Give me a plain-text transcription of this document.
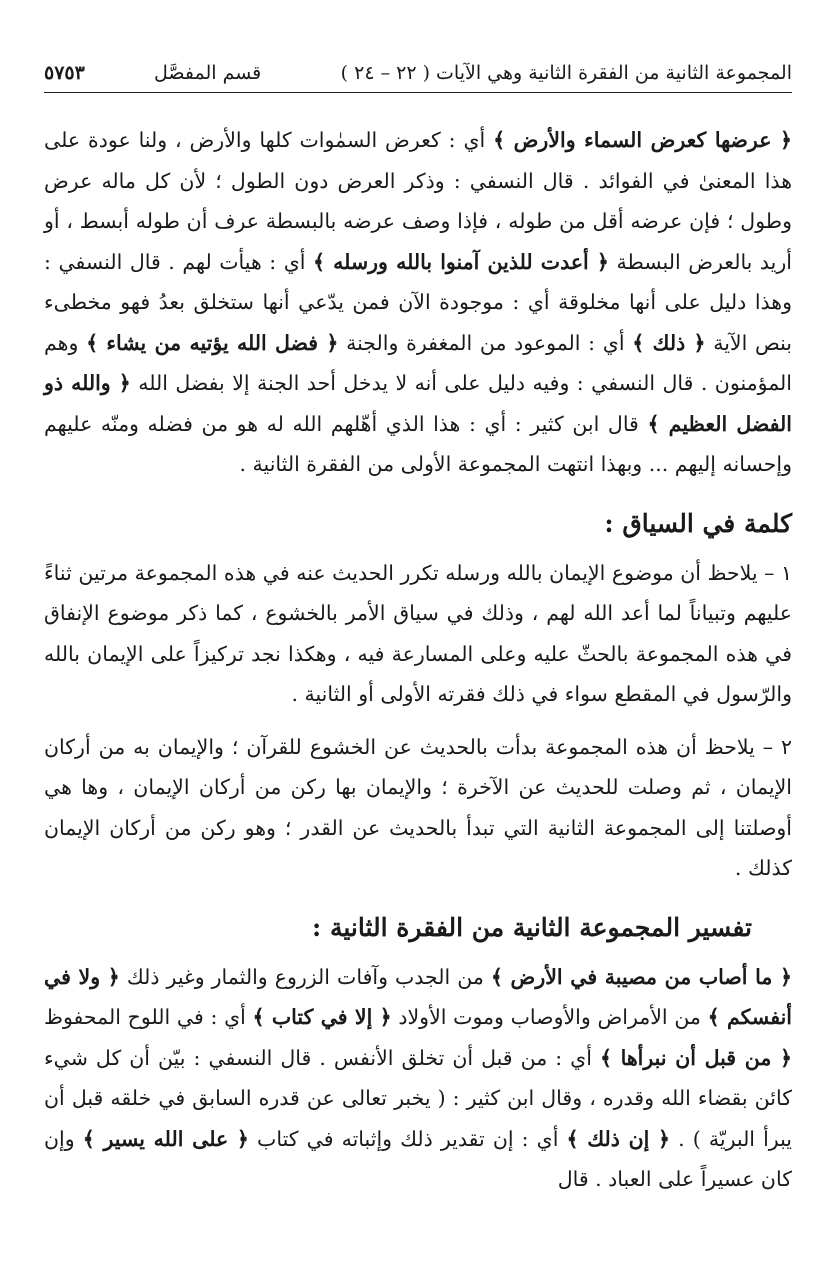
المجموعة الثانية من الفقرة الثانية وهي الآيات ( ٢٢ – ٢٤ )
قسم المفصَّل
٥٧٥٣

﴿ عرضها كعرض السماء والأرض ﴾ أي : كعرض السمٰوات كلها والأرض ، ولنا عودة على هذا المعنىٰ في الفوائد . قال النسفي : وذكر العرض دون الطول ؛ لأن كل ماله عرض وطول ؛ فإن عرضه أقل من طوله ، فإذا وصف عرضه بالبسطة عرف أن طوله أبسط ، أو أريد بالعرض البسطة ﴿ أعدت للذين آمنوا بالله ورسله ﴾ أي : هيأت لهم . قال النسفي : وهذا دليل على أنها مخلوقة أي : موجودة الآن فمن يدّعي أنها ستخلق بعدُ فهو مخطىء بنص الآية ﴿ ذلك ﴾ أي : الموعود من المغفرة والجنة ﴿ فضل الله يؤتيه من يشاء ﴾ وهم المؤمنون . قال النسفي : وفيه دليل على أنه لا يدخل أحد الجنة إلا بفضل الله ﴿ والله ذو الفضل العظيم ﴾ قال ابن كثير : أي : هذا الذي أهّلهم الله له هو من فضله ومنّه عليهم وإحسانه إليهم ... وبهذا انتهت المجموعة الأولى من الفقرة الثانية .

كلمة في السياق :

١ – يلاحظ أن موضوع الإيمان بالله ورسله تكرر الحديث عنه في هذه المجموعة مرتين ثناءً عليهم وتبياناً لما أعد الله لهم ، وذلك في سياق الأمر بالخشوع ، كما ذكر موضوع الإنفاق في هذه المجموعة بالحثّ عليه وعلى المسارعة فيه ، وهكذا نجد تركيزاً على الإيمان بالله والرّسول في المقطع سواء في ذلك فقرته الأولى أو الثانية .

٢ – يلاحظ أن هذه المجموعة بدأت بالحديث عن الخشوع للقرآن ؛ والإيمان به من أركان الإيمان ، ثم وصلت للحديث عن الآخرة ؛ والإيمان بها ركن من أركان الإيمان ، وها هي أوصلتنا إلى المجموعة الثانية التي تبدأ بالحديث عن القدر ؛ وهو ركن من أركان الإيمان كذلك .

تفسير المجموعة الثانية من الفقرة الثانية :

﴿ ما أصاب من مصيبة في الأرض ﴾ من الجدب وآفات الزروع والثمار وغير ذلك ﴿ ولا في أنفسكم ﴾ من الأمراض والأوصاب وموت الأولاد ﴿ إلا في كتاب ﴾ أي : في اللوح المحفوظ ﴿ من قبل أن نبرأها ﴾ أي : من قبل أن تخلق الأنفس . قال النسفي : بيّن أن كل شيء كائن بقضاء الله وقدره ، وقال ابن كثير : ( يخبر تعالى عن قدره السابق في خلقه قبل أن يبرأ البريّة ) . ﴿ إن ذلك ﴾ أي : إن تقدير ذلك وإثباته في كتاب ﴿ على الله يسير ﴾ وإن كان عسيراً على العباد . قال
